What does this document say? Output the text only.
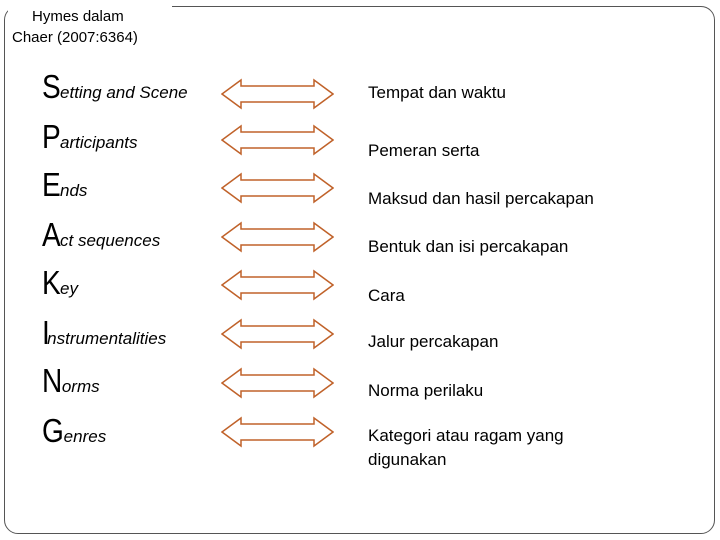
Hymes dalam
Chaer (2007:6364)
Setting and Scene	Tempat dan waktu
Participants	Pemeran serta
Ends	Maksud dan hasil percakapan
Act sequences	Bentuk dan isi percakapan
Key	Cara
Instrumentalities	Jalur percakapan
Norms	Norma perilaku
Genres	Kategori atau ragam yang
digunakan
